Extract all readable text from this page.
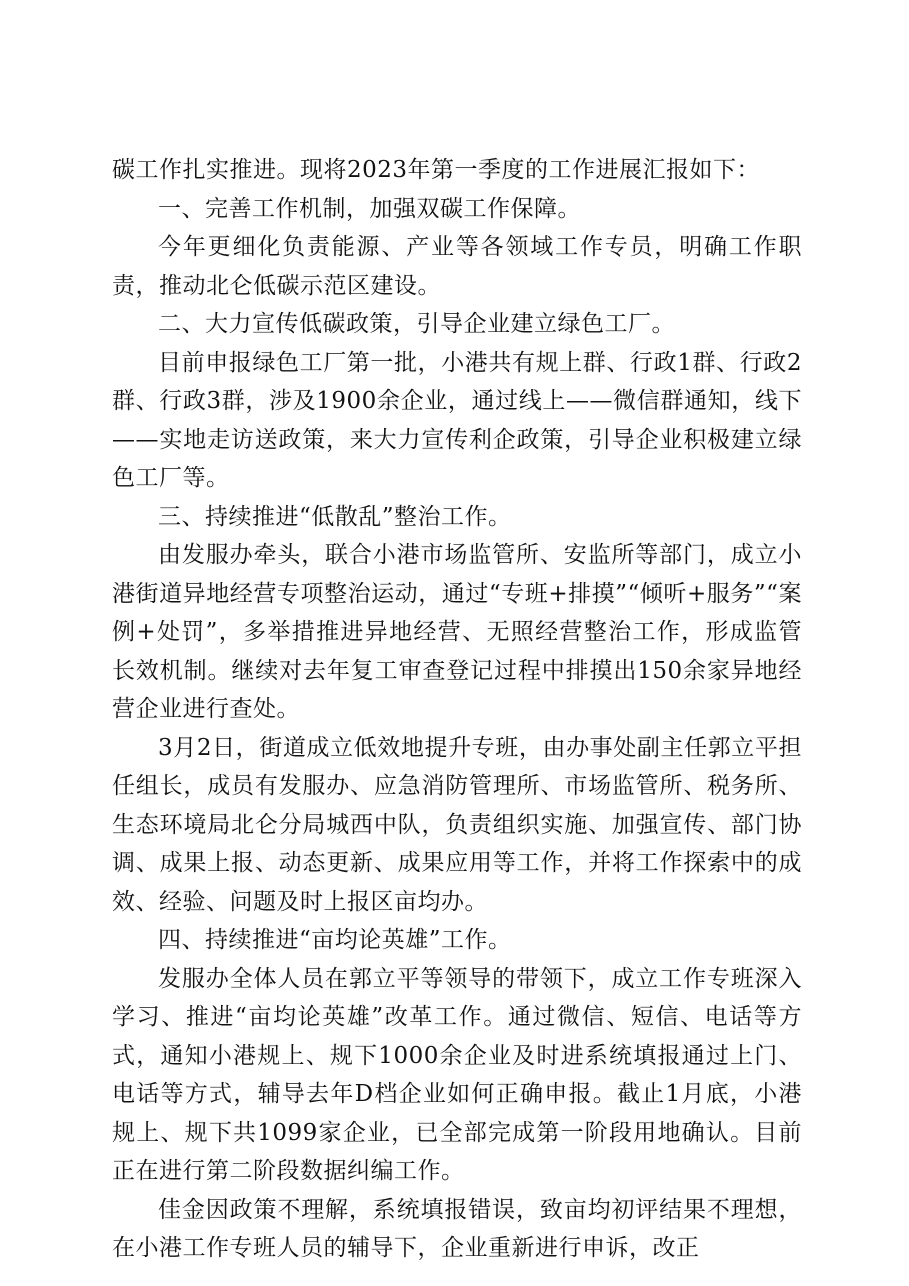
碳工作扎实推进。现将2023年第一季度的工作进展汇报如下：

一、完善工作机制，加强双碳工作保障。

今年更细化负责能源、产业等各领域工作专员，明确工作职责，推动北仑低碳示范区建设。

二、大力宣传低碳政策，引导企业建立绿色工厂。

目前申报绿色工厂第一批，小港共有规上群、行政1群、行政2群、行政3群，涉及1900余企业，通过线上——微信群通知，线下——实地走访送政策，来大力宣传利企政策，引导企业积极建立绿色工厂等。

三、持续推进“低散乱”整治工作。

由发服办牵头，联合小港市场监管所、安监所等部门，成立小港街道异地经营专项整治运动，通过“专班+排摸”“倾听+服务”“案例+处罚”，多举措推进异地经营、无照经营整治工作，形成监管长效机制。继续对去年复工审查登记过程中排摸出150余家异地经营企业进行查处。

3月2日，街道成立低效地提升专班，由办事处副主任郭立平担任组长，成员有发服办、应急消防管理所、市场监管所、税务所、生态环境局北仑分局城西中队，负责组织实施、加强宣传、部门协调、成果上报、动态更新、成果应用等工作，并将工作探索中的成效、经验、问题及时上报区亩均办。

四、持续推进“亩均论英雄”工作。

发服办全体人员在郭立平等领导的带领下，成立工作专班深入学习、推进“亩均论英雄”改革工作。通过微信、短信、电话等方式，通知小港规上、规下1000余企业及时进系统填报通过上门、电话等方式，辅导去年D档企业如何正确申报。截止1月底，小港规上、规下共1099家企业，已全部完成第一阶段用地确认。目前正在进行第二阶段数据纠编工作。

佳金因政策不理解，系统填报错误，致亩均初评结果不理想，在小港工作专班人员的辅导下，企业重新进行申诉，改正
